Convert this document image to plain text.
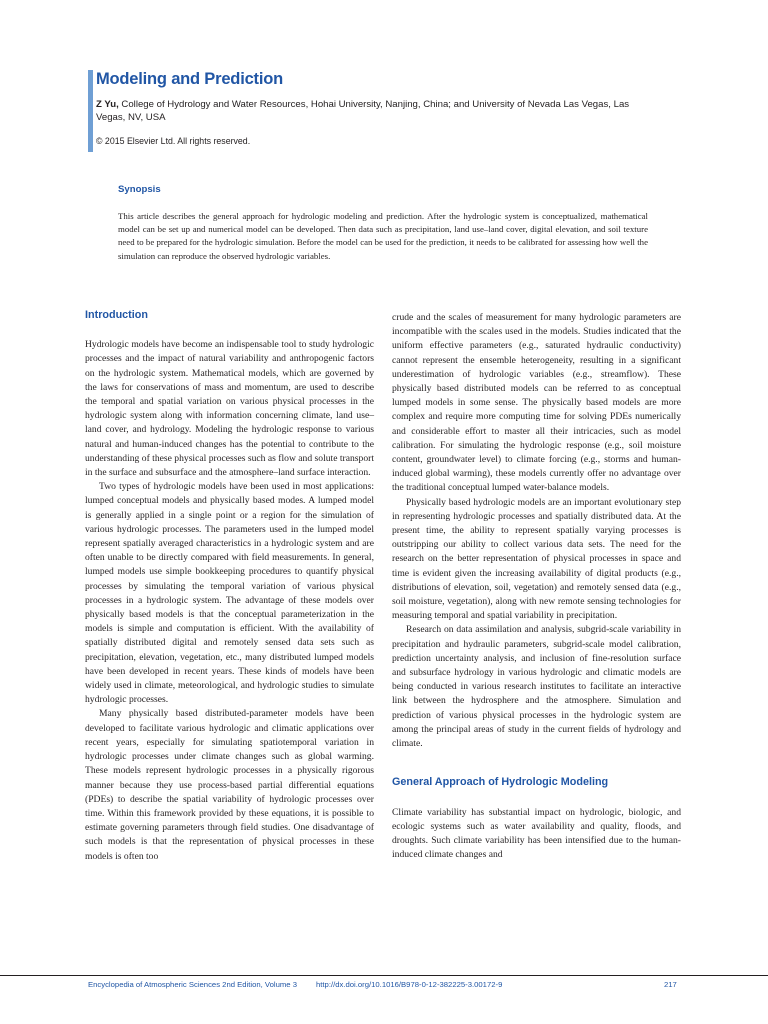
Modeling and Prediction
Z Yu, College of Hydrology and Water Resources, Hohai University, Nanjing, China; and University of Nevada Las Vegas, Las Vegas, NV, USA
© 2015 Elsevier Ltd. All rights reserved.
Synopsis

This article describes the general approach for hydrologic modeling and prediction. After the hydrologic system is conceptualized, mathematical model can be set up and numerical model can be developed. Then data such as precipitation, land use–land cover, digital elevation, and soil texture need to be prepared for the hydrologic simulation. Before the model can be used for the prediction, it needs to be calibrated for assessing how well the simulation can reproduce the observed hydrologic variables.

Introduction

Hydrologic models have become an indispensable tool to study hydrologic processes and the impact of natural variability and anthropogenic factors on the hydrologic system. Mathematical models, which are governed by the laws for conservations of mass and momentum, are used to describe the temporal and spatial variation on various physical processes in the hydrologic system along with information concerning climate, land use–land cover, and hydrology. Modeling the hydrologic response to various natural and human-induced changes has the potential to contribute to the understanding of these physical processes such as flow and solute transport in the surface and subsurface and the atmosphere–land surface interaction.

Two types of hydrologic models have been used in most applications: lumped conceptual models and physically based modes. A lumped model is generally applied in a single point or a region for the simulation of various hydrologic processes. The parameters used in the lumped model represent spatially averaged characteristics in a hydrologic system and are often unable to be directly compared with field measurements. In general, lumped models use simple bookkeeping procedures to quantify physical processes by simulating the temporal variation of various physical processes in a hydrologic system. The advantage of these models over physically based models is that the conceptual parameterization in the models is simple and computation is efficient. With the availability of spatially distributed digital and remotely sensed data sets such as precipitation, elevation, vegetation, etc., many distributed lumped models have been developed in recent years. These kinds of models have been widely used in climate, meteorological, and hydrologic studies to simulate hydrologic processes.

Many physically based distributed-parameter models have been developed to facilitate various hydrologic and climatic applications over recent years, especially for simulating spatiotemporal variation in hydrologic processes under climate changes such as global warming. These models represent hydrologic processes in a physically rigorous manner because they use process-based partial differential equations (PDEs) to describe the spatial variability of hydrologic processes over time. Within this framework provided by these equations, it is possible to estimate governing parameters through field studies. One disadvantage of such models is that the representation of physical processes in these models is often too

crude and the scales of measurement for many hydrologic parameters are incompatible with the scales used in the models. Studies indicated that the uniform effective parameters (e.g., saturated hydraulic conductivity) cannot represent the ensemble heterogeneity, resulting in a significant underestimation of hydrologic variables (e.g., streamflow). These physically based distributed models can be referred to as conceptual lumped models in some sense. The physically based models are more complex and require more computing time for solving PDEs numerically and considerable effort to master all their intricacies, such as model calibration. For simulating the hydrologic response (e.g., soil moisture content, groundwater level) to climate forcing (e.g., storms and human-induced global warming), these models currently offer no advantage over the traditional conceptual lumped water-balance models.

Physically based hydrologic models are an important evolutionary step in representing hydrologic processes and spatially distributed data. At the present time, the ability to represent spatially varying processes is outstripping our ability to collect various data sets. The need for the research on the better representation of physical processes in space and time is evident given the increasing availability of digital products (e.g., distributions of elevation, soil, vegetation) and remotely sensed data (e.g., soil moisture, vegetation), along with new remote sensing technologies for measuring temporal and spatial variability in precipitation.

Research on data assimilation and analysis, subgrid-scale variability in precipitation and hydraulic parameters, subgrid-scale model calibration, prediction uncertainty analysis, and inclusion of fine-resolution surface and subsurface hydrology in various hydrologic and climatic models are being conducted in various research institutes to facilitate an interactive link between the hydrosphere and the atmosphere. Simulation and prediction of various physical processes in the hydrologic system are among the principal areas of study in the current fields of hydrology and climate.

General Approach of Hydrologic Modeling

Climate variability has substantial impact on hydrologic, biologic, and ecologic systems such as water availability and quality, floods, and droughts. Such climate variability has been intensified due to the human-induced climate changes and

Encyclopedia of Atmospheric Sciences 2nd Edition, Volume 3 http://dx.doi.org/10.1016/B978-0-12-382225-3.00172-9	217
